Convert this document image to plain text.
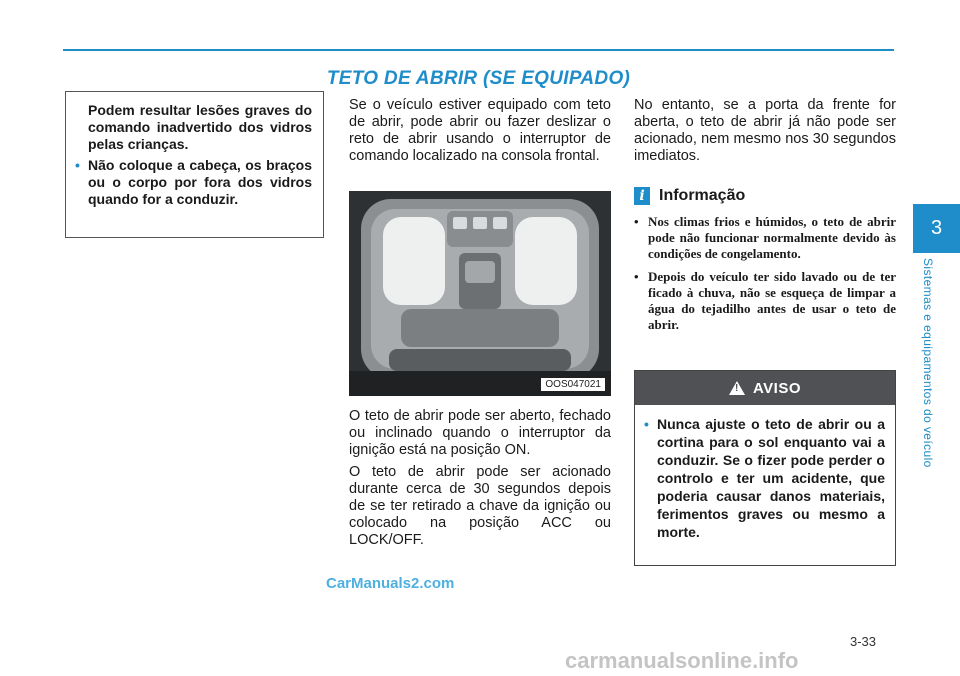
TETO DE ABRIR (SE EQUIPADO)

Podem resultar lesões graves do comando inadvertido dos vidros pelas crianças.

• Não coloque a cabeça, os braços ou o corpo por fora dos vidros quando for a conduzir.

Se o veículo estiver equipado com teto de abrir, pode abrir ou fazer deslizar o reto de abrir usando o interruptor de comando localizado na consola frontal.

OOS047021

O teto de abrir pode ser aberto, fechado ou inclinado quando o interruptor da ignição está na posição ON.

O teto de abrir pode ser acionado durante cerca de 30 segundos depois de se ter retirado a chave da ignição ou colocado na posição ACC ou LOCK/OFF.

No entanto, se a porta da frente for aberta, o teto de abrir já não pode ser acionado, nem mesmo nos 30 segundos imediatos.
i Informação
• Nos climas frios e húmidos, o teto de abrir pode não funcionar normalmente devido às condições de congelamento.
• Depois do veículo ter sido lavado ou de ter ficado à chuva, não se esqueça de limpar a água do tejadilho antes de usar o teto de abrir.
! AVISO
• Nunca ajuste o teto de abrir ou a cortina para o sol enquanto vai a conduzir. Se o fizer pode perder o controlo e ter um acidente, que poderia causar danos materiais, ferimentos graves ou mesmo a morte.
3
Sistemas e equipamentos do veículo
3-33
CarManuals2.com
carmanualsonline.info
